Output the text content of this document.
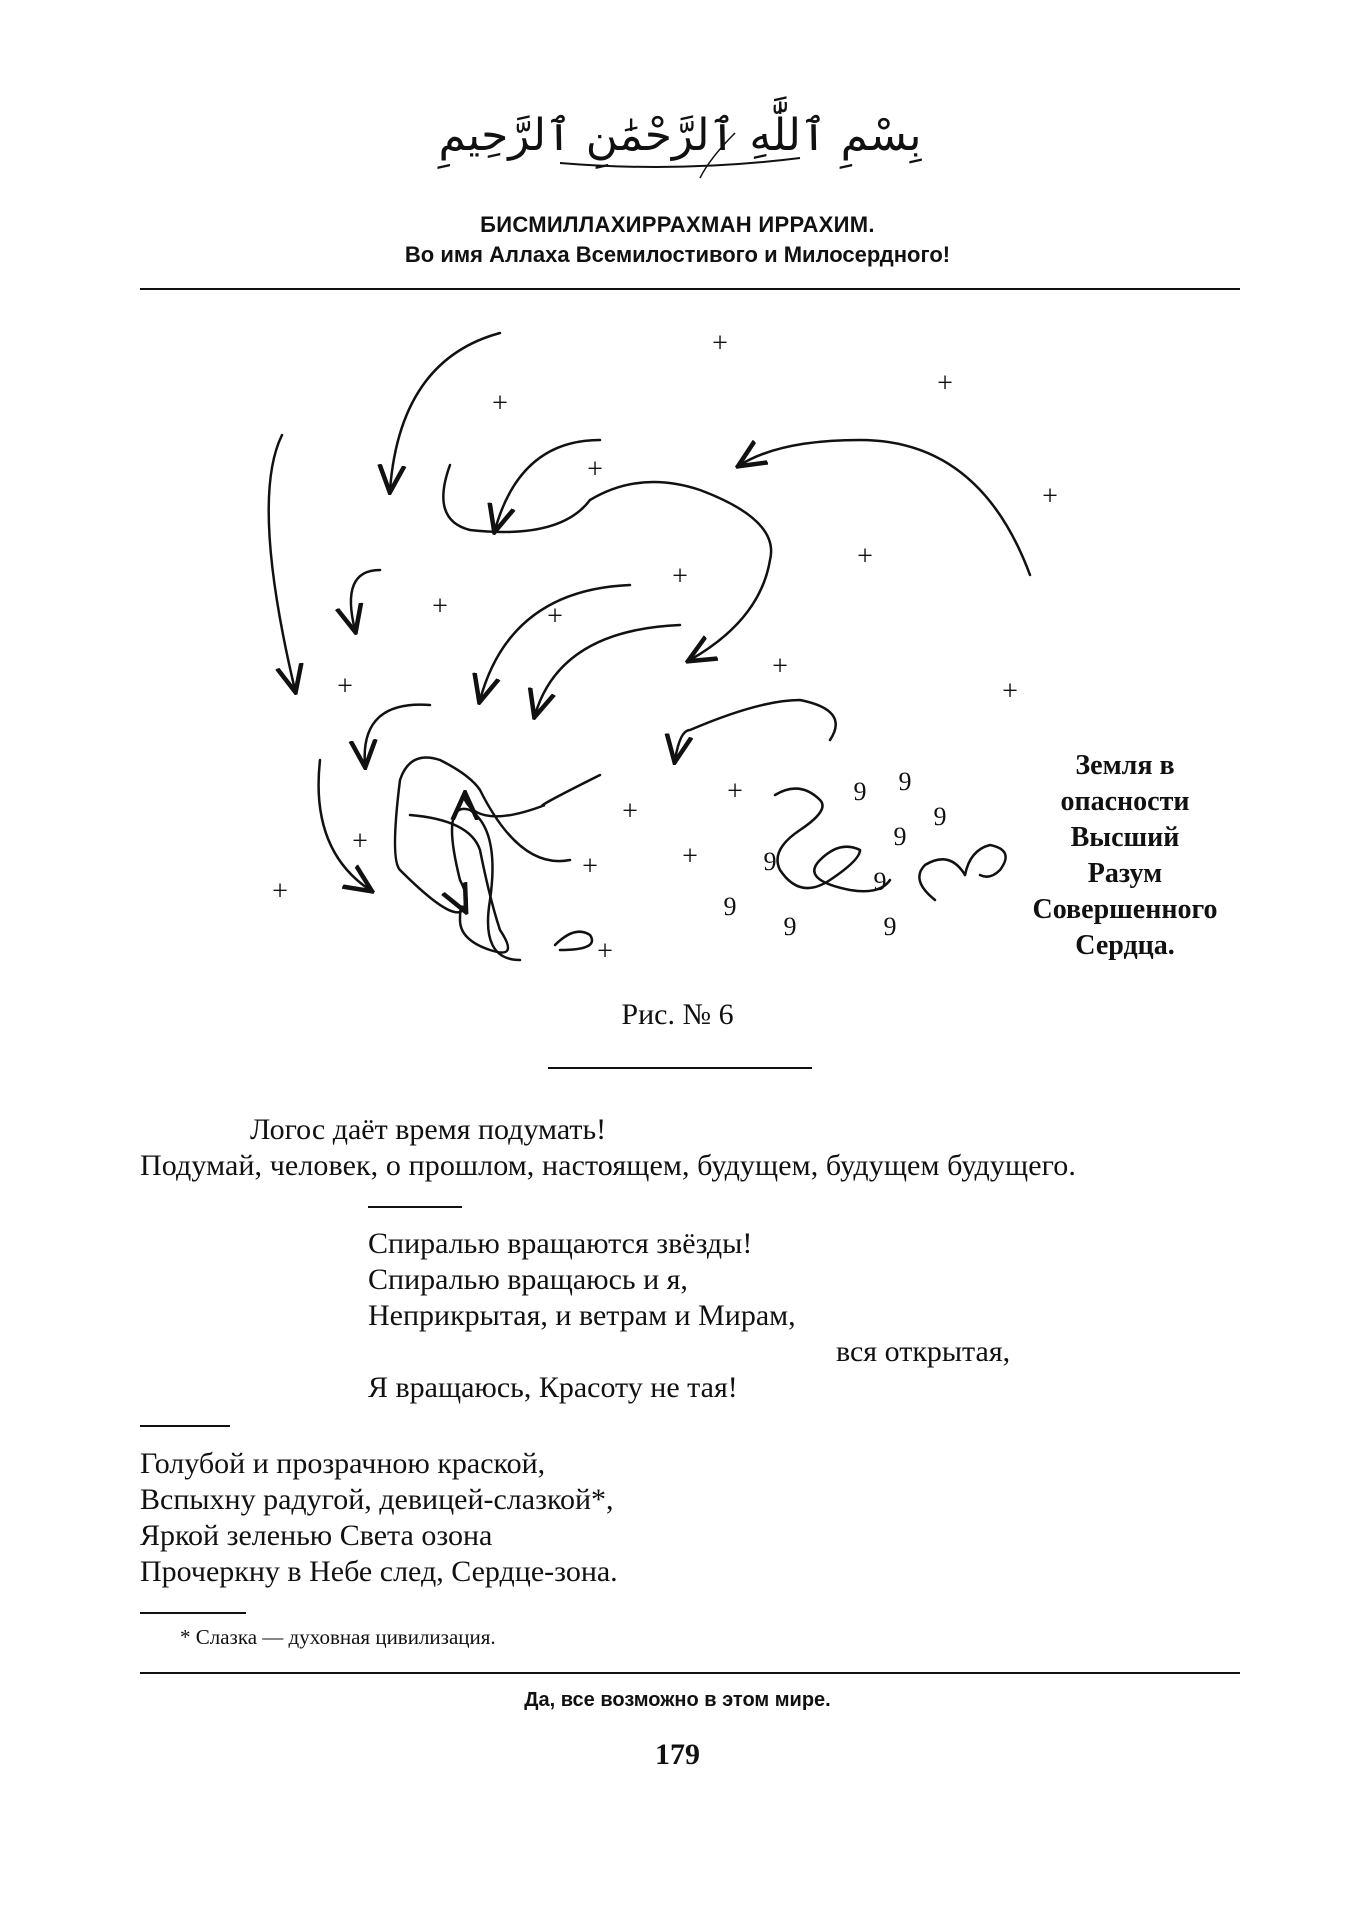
بِسْمِ ٱللَّٰهِ ٱلرَّحْمَٰنِ ٱلرَّحِيمِ
БИСМИЛЛАХИРРАХМАН ИРРАХИМ.
Во имя Аллаха Всемилостивого и Милосердного!
+
+
+
+
+
+
+
+	+
+
+	+
+
+
+	+
+
+
+
9 9
9
9
9
9
9
9	9
Земля в
опасности
Высший
Разум
Совершенного
Сердца.
Рис. № 6
Логос даёт время подумать!
Подумай, человек, о прошлом, настоящем, будущем, будущем будущего.
Спиралью вращаются звёзды!
Спиралью вращаюсь и я,
Неприкрытая, и ветрам и Мирам,
вся открытая,
Я вращаюсь, Красоту не тая!
Голубой и прозрачною краской,
Вспыхну радугой, девицей-слазкой*,
Яркой зеленью Света озона
Прочеркну в Небе след, Сердце-зона.
* Слазка — духовная цивилизация.
Да, все возможно в этом мире.
179
